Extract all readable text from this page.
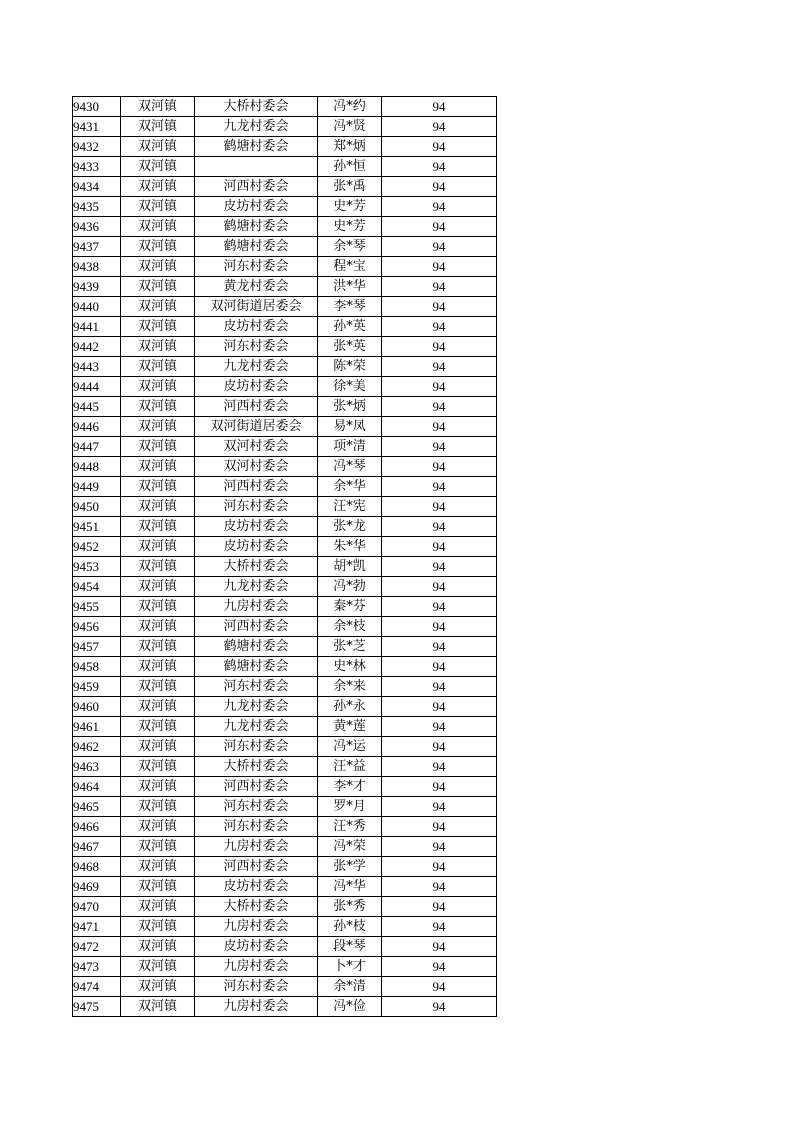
9430	双河镇	大桥村委会	冯*约	94
9431	双河镇	九龙村委会	冯*贤	94
9432	双河镇	鹤塘村委会	郑*炳	94
9433	双河镇		孙*恒	94
9434	双河镇	河西村委会	张*禹	94
9435	双河镇	皮坊村委会	史*芳	94
9436	双河镇	鹤塘村委会	史*芳	94
9437	双河镇	鹤塘村委会	余*琴	94
9438	双河镇	河东村委会	程*宝	94
9439	双河镇	黄龙村委会	洪*华	94
9440	双河镇	双河街道居委会	李*琴	94
9441	双河镇	皮坊村委会	孙*英	94
9442	双河镇	河东村委会	张*英	94
9443	双河镇	九龙村委会	陈*荣	94
9444	双河镇	皮坊村委会	徐*美	94
9445	双河镇	河西村委会	张*炳	94
9446	双河镇	双河街道居委会	易*凤	94
9447	双河镇	双河村委会	项*清	94
9448	双河镇	双河村委会	冯*琴	94
9449	双河镇	河西村委会	余*华	94
9450	双河镇	河东村委会	汪*宪	94
9451	双河镇	皮坊村委会	张*龙	94
9452	双河镇	皮坊村委会	朱*华	94
9453	双河镇	大桥村委会	胡*凯	94
9454	双河镇	九龙村委会	冯*勃	94
9455	双河镇	九房村委会	秦*芬	94
9456	双河镇	河西村委会	余*枝	94
9457	双河镇	鹤塘村委会	张*芝	94
9458	双河镇	鹤塘村委会	史*林	94
9459	双河镇	河东村委会	余*来	94
9460	双河镇	九龙村委会	孙*永	94
9461	双河镇	九龙村委会	黄*莲	94
9462	双河镇	河东村委会	冯*运	94
9463	双河镇	大桥村委会	汪*益	94
9464	双河镇	河西村委会	李*才	94
9465	双河镇	河东村委会	罗*月	94
9466	双河镇	河东村委会	汪*秀	94
9467	双河镇	九房村委会	冯*荣	94
9468	双河镇	河西村委会	张*学	94
9469	双河镇	皮坊村委会	冯*华	94
9470	双河镇	大桥村委会	张*秀	94
9471	双河镇	九房村委会	孙*枝	94
9472	双河镇	皮坊村委会	段*琴	94
9473	双河镇	九房村委会	卜*才	94
9474	双河镇	河东村委会	余*清	94
9475	双河镇	九房村委会	冯*俭	94
